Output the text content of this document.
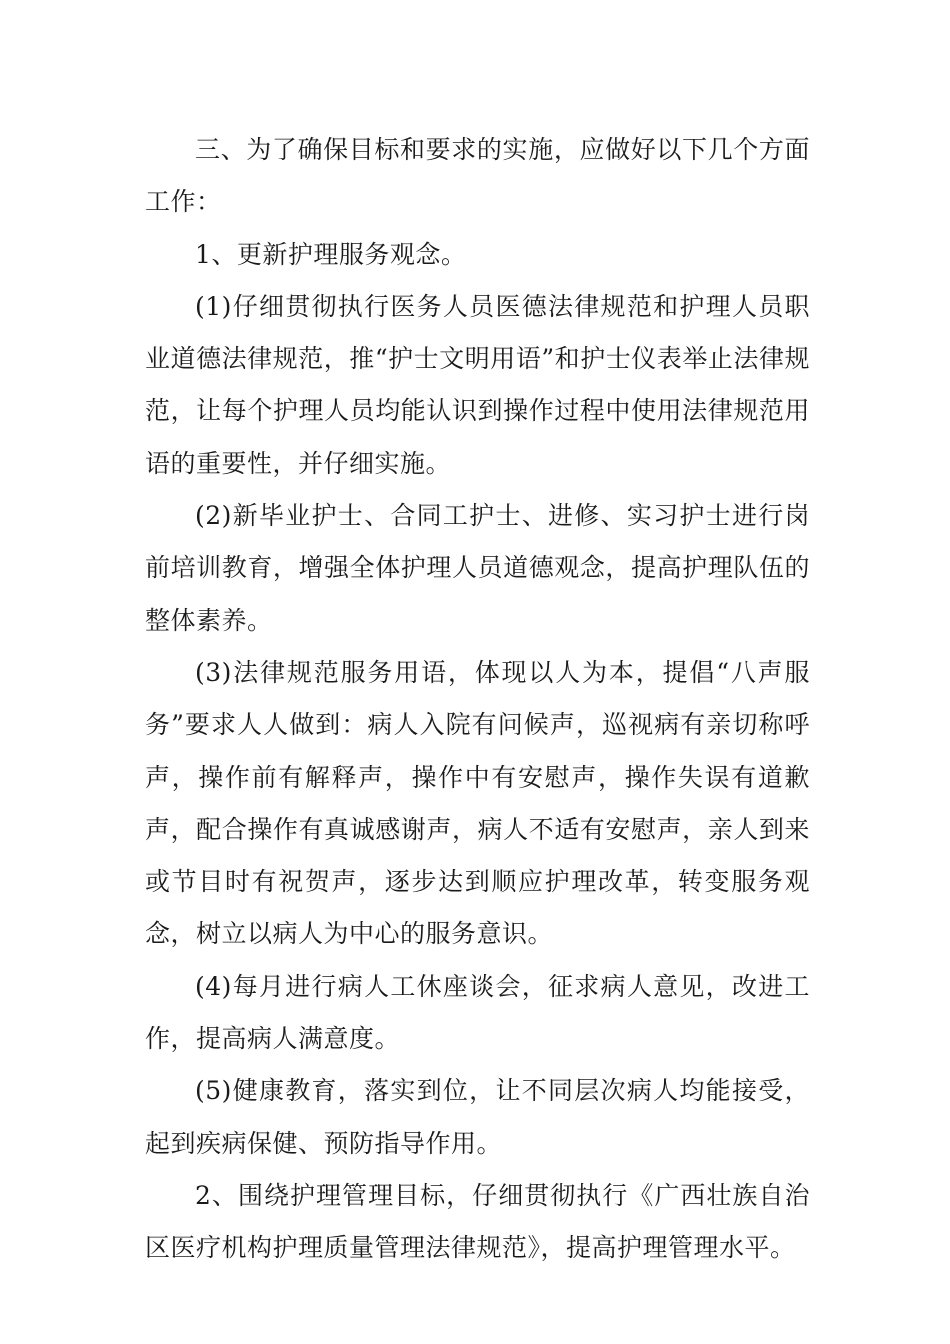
三、为了确保目标和要求的实施，应做好以下几个方面工作：

1、更新护理服务观念。

(1)仔细贯彻执行医务人员医德法律规范和护理人员职业道德法律规范，推“护士文明用语”和护士仪表举止法律规范，让每个护理人员均能认识到操作过程中使用法律规范用语的重要性，并仔细实施。

(2)新毕业护士、合同工护士、进修、实习护士进行岗前培训教育，增强全体护理人员道德观念，提高护理队伍的整体素养。

(3)法律规范服务用语，体现以人为本，提倡“八声服务”要求人人做到：病人入院有问候声，巡视病有亲切称呼声，操作前有解释声，操作中有安慰声，操作失误有道歉声，配合操作有真诚感谢声，病人不适有安慰声，亲人到来或节目时有祝贺声，逐步达到顺应护理改革，转变服务观念，树立以病人为中心的服务意识。

(4)每月进行病人工休座谈会，征求病人意见，改进工作，提高病人满意度。

(5)健康教育，落实到位，让不同层次病人均能接受，起到疾病保健、预防指导作用。

2、围绕护理管理目标，仔细贯彻执行《广西壮族自治区医疗机构护理质量管理法律规范》，提高护理管理水平。
